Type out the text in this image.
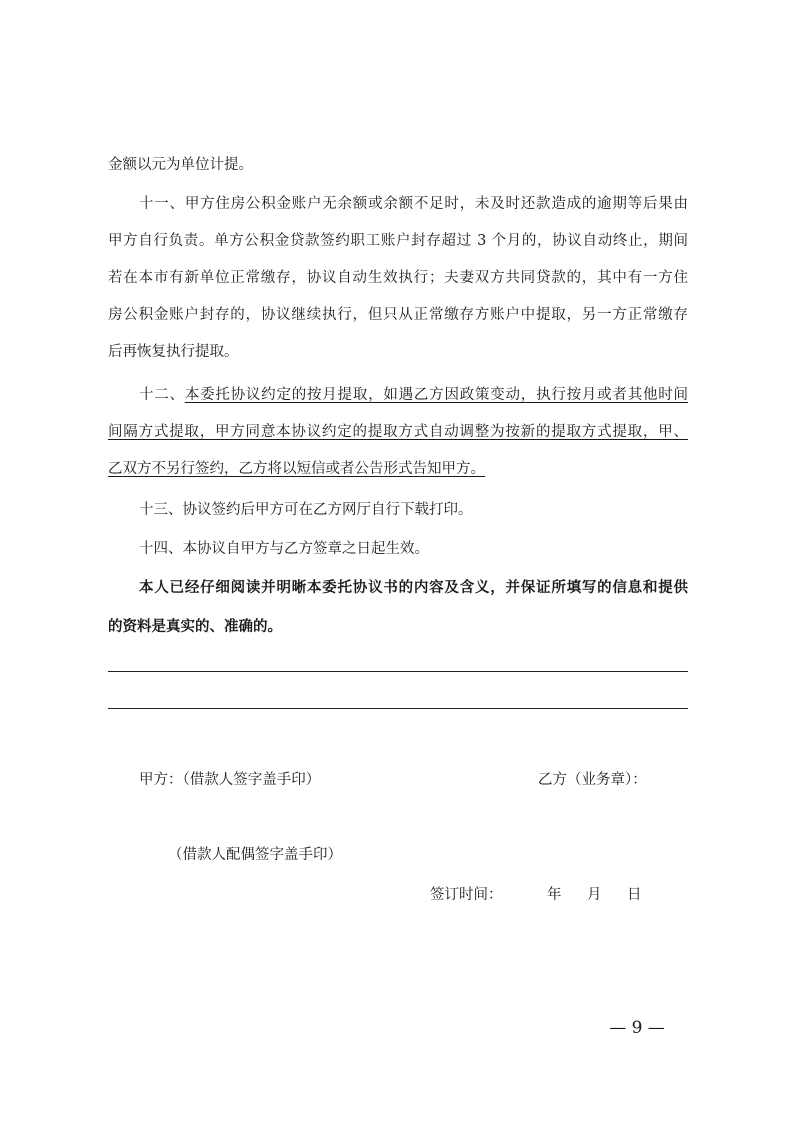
金额以元为单位计提。
十一、甲方住房公积金账户无余额或余额不足时，未及时还款造成的逾期等后果由
甲方自行负责。单方公积金贷款签约职工账户封存超过 3 个月的，协议自动终止，期间
若在本市有新单位正常缴存，协议自动生效执行；夫妻双方共同贷款的，其中有一方住
房公积金账户封存的，协议继续执行，但只从正常缴存方账户中提取，另一方正常缴存
后再恢复执行提取。
十二、本委托协议约定的按月提取，如遇乙方因政策变动，执行按月或者其他时间
间隔方式提取，甲方同意本协议约定的提取方式自动调整为按新的提取方式提取，甲、
乙双方不另行签约，乙方将以短信或者公告形式告知甲方。
十三、协议签约后甲方可在乙方网厅自行下载打印。
十四、本协议自甲方与乙方签章之日起生效。
本人已经仔细阅读并明晰本委托协议书的内容及含义，并保证所填写的信息和提供
的资料是真实的、准确的。
甲方：（借款人签字盖手印）	乙方（业务章）：
（借款人配偶签字盖手印）
签订时间：	年 月 日
— 9 —
